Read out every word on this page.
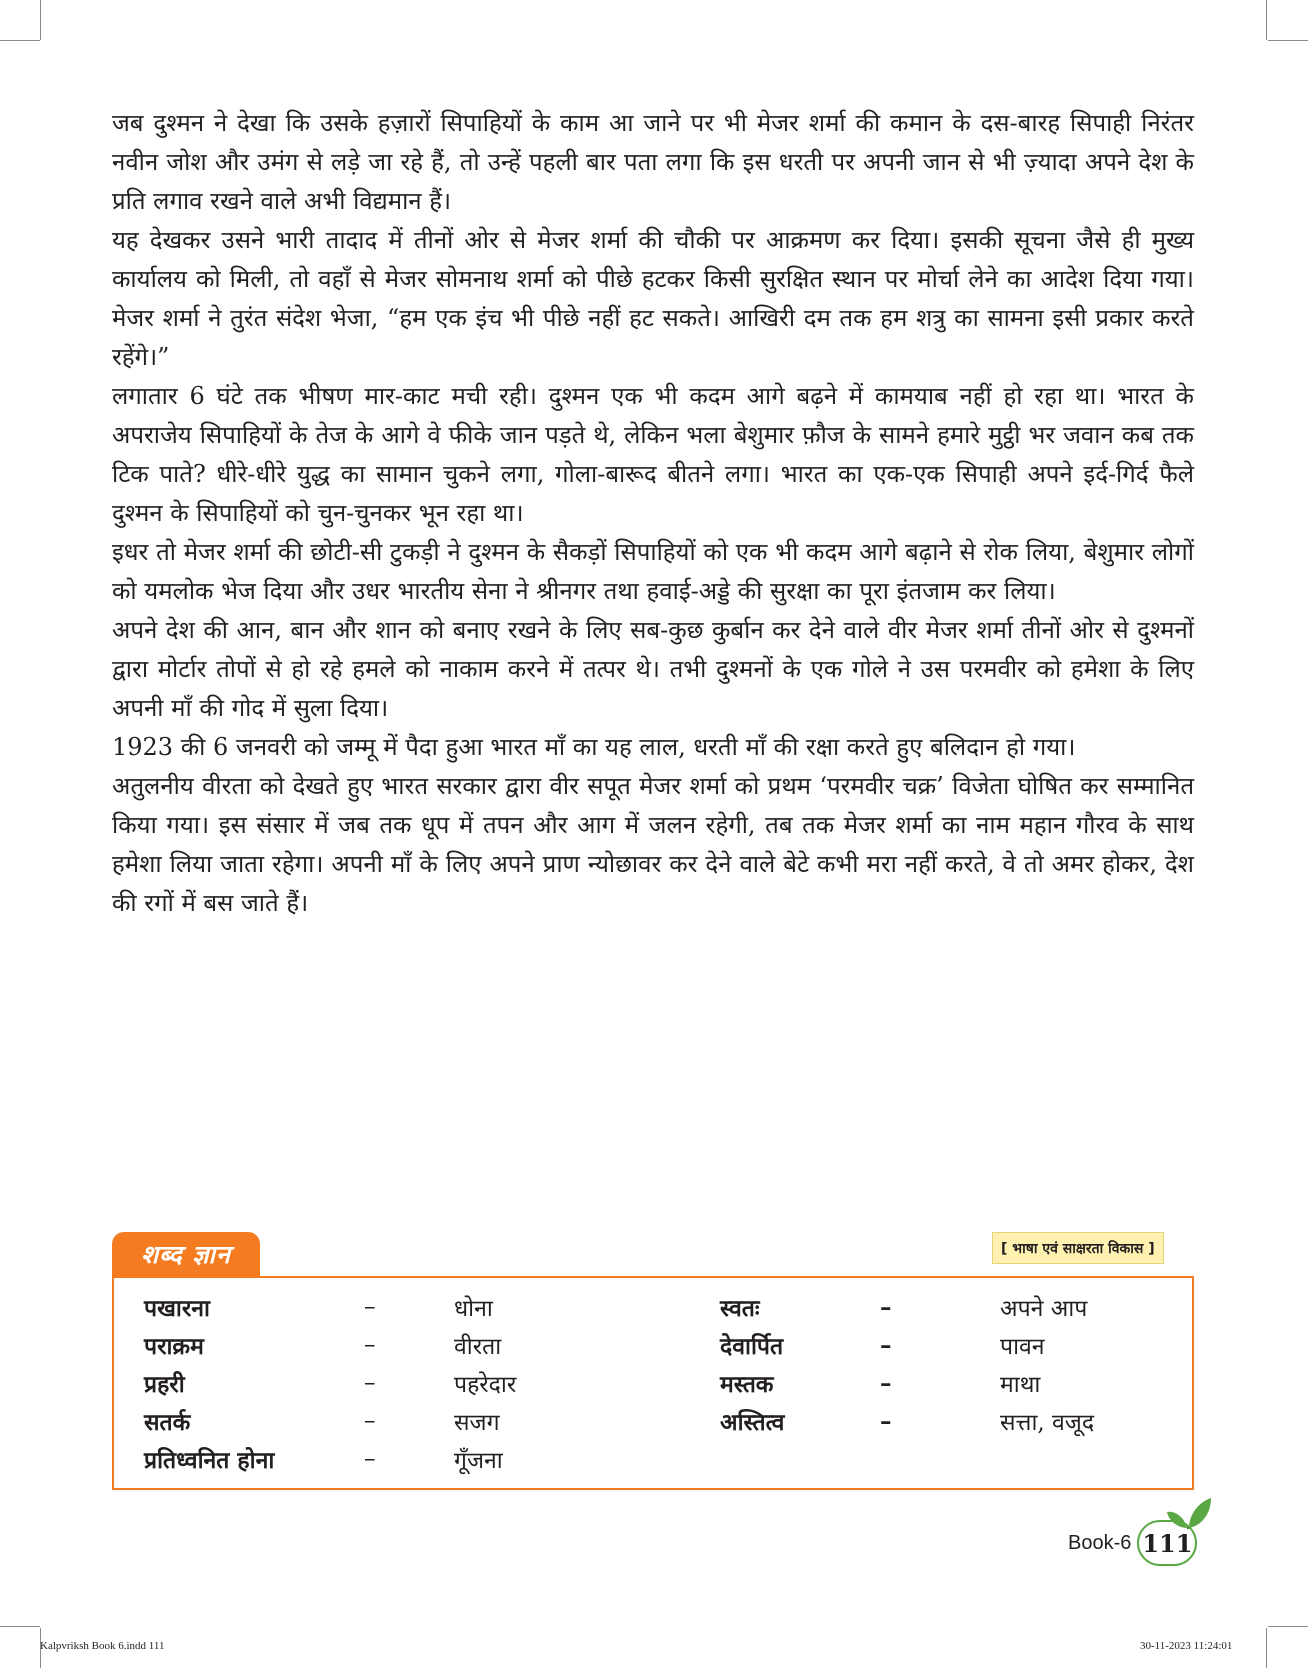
जब दुश्मन ने देखा कि उसके हज़ारों सिपाहियों के काम आ जाने पर भी मेजर शर्मा की कमान के दस-बारह सिपाही निरंतर नवीन जोश और उमंग से लड़े जा रहे हैं, तो उन्हें पहली बार पता लगा कि इस धरती पर अपनी जान से भी ज़्यादा अपने देश के प्रति लगाव रखने वाले अभी विद्यमान हैं।

यह देखकर उसने भारी तादाद में तीनों ओर से मेजर शर्मा की चौकी पर आक्रमण कर दिया। इसकी सूचना जैसे ही मुख्य कार्यालय को मिली, तो वहाँ से मेजर सोमनाथ शर्मा को पीछे हटकर किसी सुरक्षित स्थान पर मोर्चा लेने का आदेश दिया गया। मेजर शर्मा ने तुरंत संदेश भेजा, “हम एक इंच भी पीछे नहीं हट सकते। आखिरी दम तक हम शत्रु का सामना इसी प्रकार करते रहेंगे।”

लगातार 6 घंटे तक भीषण मार-काट मची रही। दुश्मन एक भी कदम आगे बढ़ने में कामयाब नहीं हो रहा था। भारत के अपराजेय सिपाहियों के तेज के आगे वे फीके जान पड़ते थे, लेकिन भला बेशुमार फ़ौज के सामने हमारे मुट्ठी भर जवान कब तक टिक पाते? धीरे-धीरे युद्ध का सामान चुकने लगा, गोला-बारूद बीतने लगा। भारत का एक-एक सिपाही अपने इर्द-गिर्द फैले दुश्मन के सिपाहियों को चुन-चुनकर भून रहा था।

इधर तो मेजर शर्मा की छोटी-सी टुकड़ी ने दुश्मन के सैकड़ों सिपाहियों को एक भी कदम आगे बढ़ाने से रोक लिया, बेशुमार लोगों को यमलोक भेज दिया और उधर भारतीय सेना ने श्रीनगर तथा हवाई-अड्डे की सुरक्षा का पूरा इंतजाम कर लिया।

अपने देश की आन, बान और शान को बनाए रखने के लिए सब-कुछ कुर्बान कर देने वाले वीर मेजर शर्मा तीनों ओर से दुश्मनों द्वारा मोर्टार तोपों से हो रहे हमले को नाकाम करने में तत्पर थे। तभी दुश्मनों के एक गोले ने उस परमवीर को हमेशा के लिए अपनी माँ की गोद में सुला दिया।

1923 की 6 जनवरी को जम्मू में पैदा हुआ भारत माँ का यह लाल, धरती माँ की रक्षा करते हुए बलिदान हो गया।

अतुलनीय वीरता को देखते हुए भारत सरकार द्वारा वीर सपूत मेजर शर्मा को प्रथम ‘परमवीर चक्र’ विजेता घोषित कर सम्मानित किया गया। इस संसार में जब तक धूप में तपन और आग में जलन रहेगी, तब तक मेजर शर्मा का नाम महान गौरव के साथ हमेशा लिया जाता रहेगा। अपनी माँ के लिए अपने प्राण न्योछावर कर देने वाले बेटे कभी मरा नहीं करते, वे तो अमर होकर, देश की रगों में बस जाते हैं।

शब्द ज्ञान	[ भाषा एवं साक्षरता विकास ]
पखारना	–	धोना
पराक्रम	–	वीरता
प्रहरी	–	पहरेदार
सतर्क	–	सजग
प्रतिध्वनित होना	–	गूँजना
स्वतः	–	अपने आप
देवार्पित	–	पावन
मस्तक	–	माथा
अस्तित्व	–	सत्ता, वजूद
Book-6 111
Kalpvriksh Book 6.indd 111	30-11-2023 11:24:01
